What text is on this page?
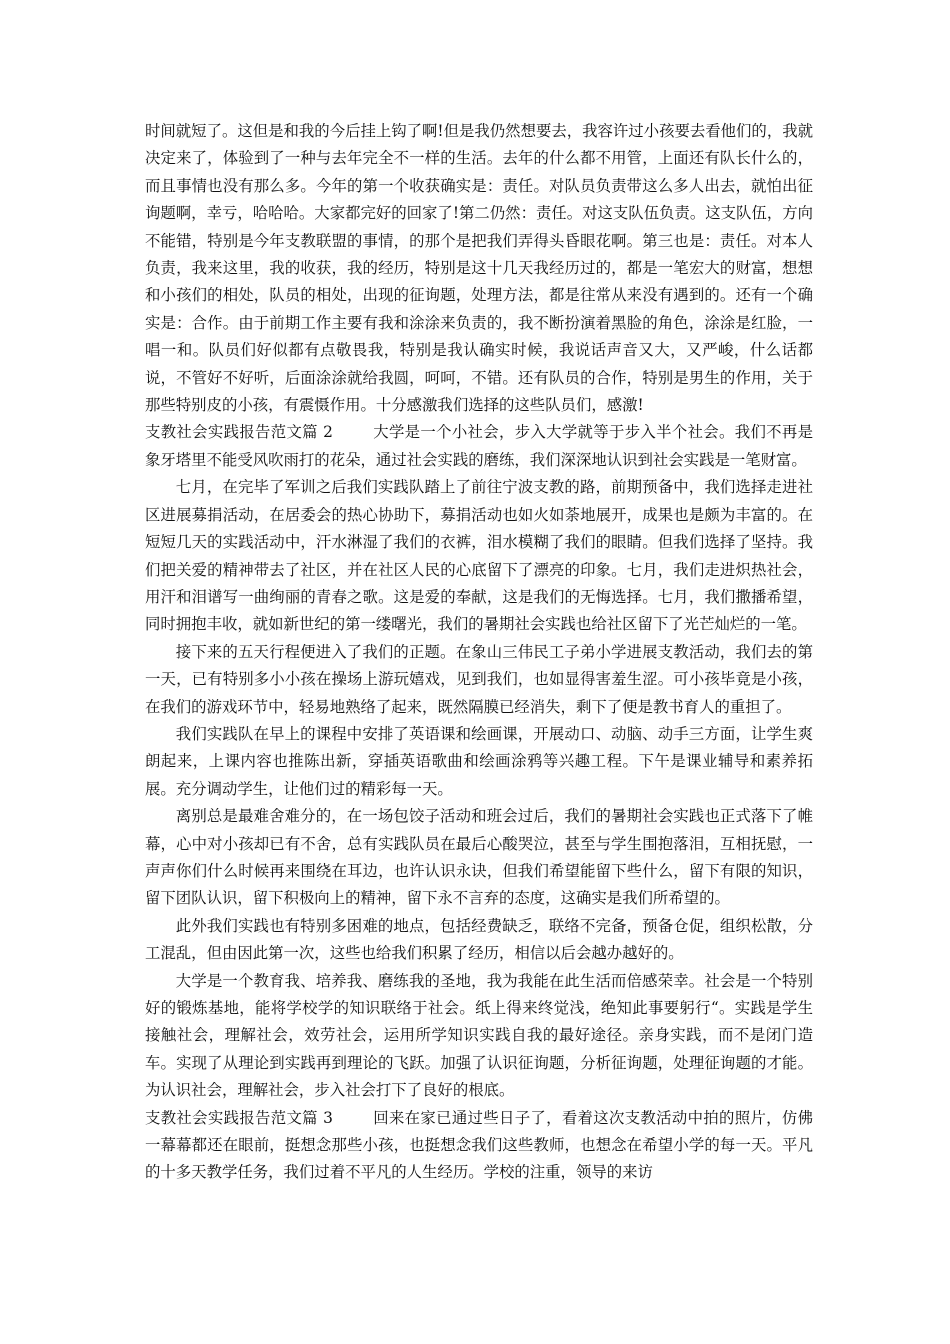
时间就短了。这但是和我的今后挂上钩了啊!但是我仍然想要去，我容许过小孩要去看他们的，我就决定来了，体验到了一种与去年完全不一样的生活。去年的什么都不用管，上面还有队长什么的，而且事情也没有那么多。今年的第一个收获确实是：责任。对队员负责带这么多人出去，就怕出征询题啊，幸亏，哈哈哈。大家都完好的回家了!第二仍然：责任。对这支队伍负责。这支队伍，方向不能错，特别是今年支教联盟的事情，的那个是把我们弄得头昏眼花啊。第三也是：责任。对本人负责，我来这里，我的收获，我的经历，特别是这十几天我经历过的，都是一笔宏大的财富，想想和小孩们的相处，队员的相处，出现的征询题，处理方法，都是往常从来没有遇到的。还有一个确实是：合作。由于前期工作主要有我和涂涂来负责的，我不断扮演着黑脸的角色，涂涂是红脸，一唱一和。队员们好似都有点敬畏我，特别是我认确实时候，我说话声音又大，又严峻，什么话都说，不管好不好听，后面涂涂就给我圆，呵呵，不错。还有队员的合作，特别是男生的作用，关于那些特别皮的小孩，有震慑作用。十分感激我们选择的这些队员们，感激!

支教社会实践报告范文篇 2	大学是一个小社会，步入大学就等于步入半个社会。我们不再是象牙塔里不能受风吹雨打的花朵，通过社会实践的磨练，我们深深地认识到社会实践是一笔财富。

七月，在完毕了军训之后我们实践队踏上了前往宁波支教的路，前期预备中，我们选择走进社区进展募捐活动，在居委会的热心协助下，募捐活动也如火如荼地展开，成果也是颇为丰富的。在短短几天的实践活动中，汗水淋湿了我们的衣裤，泪水模糊了我们的眼睛。但我们选择了坚持。我们把关爱的精神带去了社区，并在社区人民的心底留下了漂亮的印象。七月，我们走进炽热社会，用汗和泪谱写一曲绚丽的青春之歌。这是爱的奉献，这是我们的无悔选择。七月，我们撒播希望，同时拥抱丰收，就如新世纪的第一缕曙光，我们的暑期社会实践也给社区留下了光芒灿烂的一笔。

接下来的五天行程便进入了我们的正题。在象山三伟民工子弟小学进展支教活动，我们去的第一天，已有特别多小小孩在操场上游玩嬉戏，见到我们，也如显得害羞生涩。可小孩毕竟是小孩，在我们的游戏环节中，轻易地熟络了起来，既然隔膜已经消失，剩下了便是教书育人的重担了。

我们实践队在早上的课程中安排了英语课和绘画课，开展动口、动脑、动手三方面，让学生爽朗起来，上课内容也推陈出新，穿插英语歌曲和绘画涂鸦等兴趣工程。下午是课业辅导和素养拓展。充分调动学生，让他们过的精彩每一天。

离别总是最难舍难分的，在一场包饺子活动和班会过后，我们的暑期社会实践也正式落下了帷幕，心中对小孩却已有不舍，总有实践队员在最后心酸哭泣，甚至与学生围抱落泪，互相抚慰，一声声你们什么时候再来围绕在耳边，也许认识永诀，但我们希望能留下些什么，留下有限的知识，留下团队认识，留下积极向上的精神，留下永不言弃的态度，这确实是我们所希望的。

此外我们实践也有特别多困难的地点，包括经费缺乏，联络不完备，预备仓促，组织松散，分工混乱，但由因此第一次，这些也给我们积累了经历，相信以后会越办越好的。

大学是一个教育我、培养我、磨练我的圣地，我为我能在此生活而倍感荣幸。社会是一个特别好的锻炼基地，能将学校学的知识联络于社会。纸上得来终觉浅，绝知此事要躬行“。实践是学生接触社会，理解社会，效劳社会，运用所学知识实践自我的最好途径。亲身实践，而不是闭门造车。实现了从理论到实践再到理论的飞跃。加强了认识征询题，分析征询题，处理征询题的才能。为认识社会，理解社会，步入社会打下了良好的根底。

支教社会实践报告范文篇 3	回来在家已通过些日子了，看着这次支教活动中拍的照片，仿佛一幕幕都还在眼前，挺想念那些小孩，也挺想念我们这些教师，也想念在希望小学的每一天。平凡的十多天教学任务，我们过着不平凡的人生经历。学校的注重，领导的来访
